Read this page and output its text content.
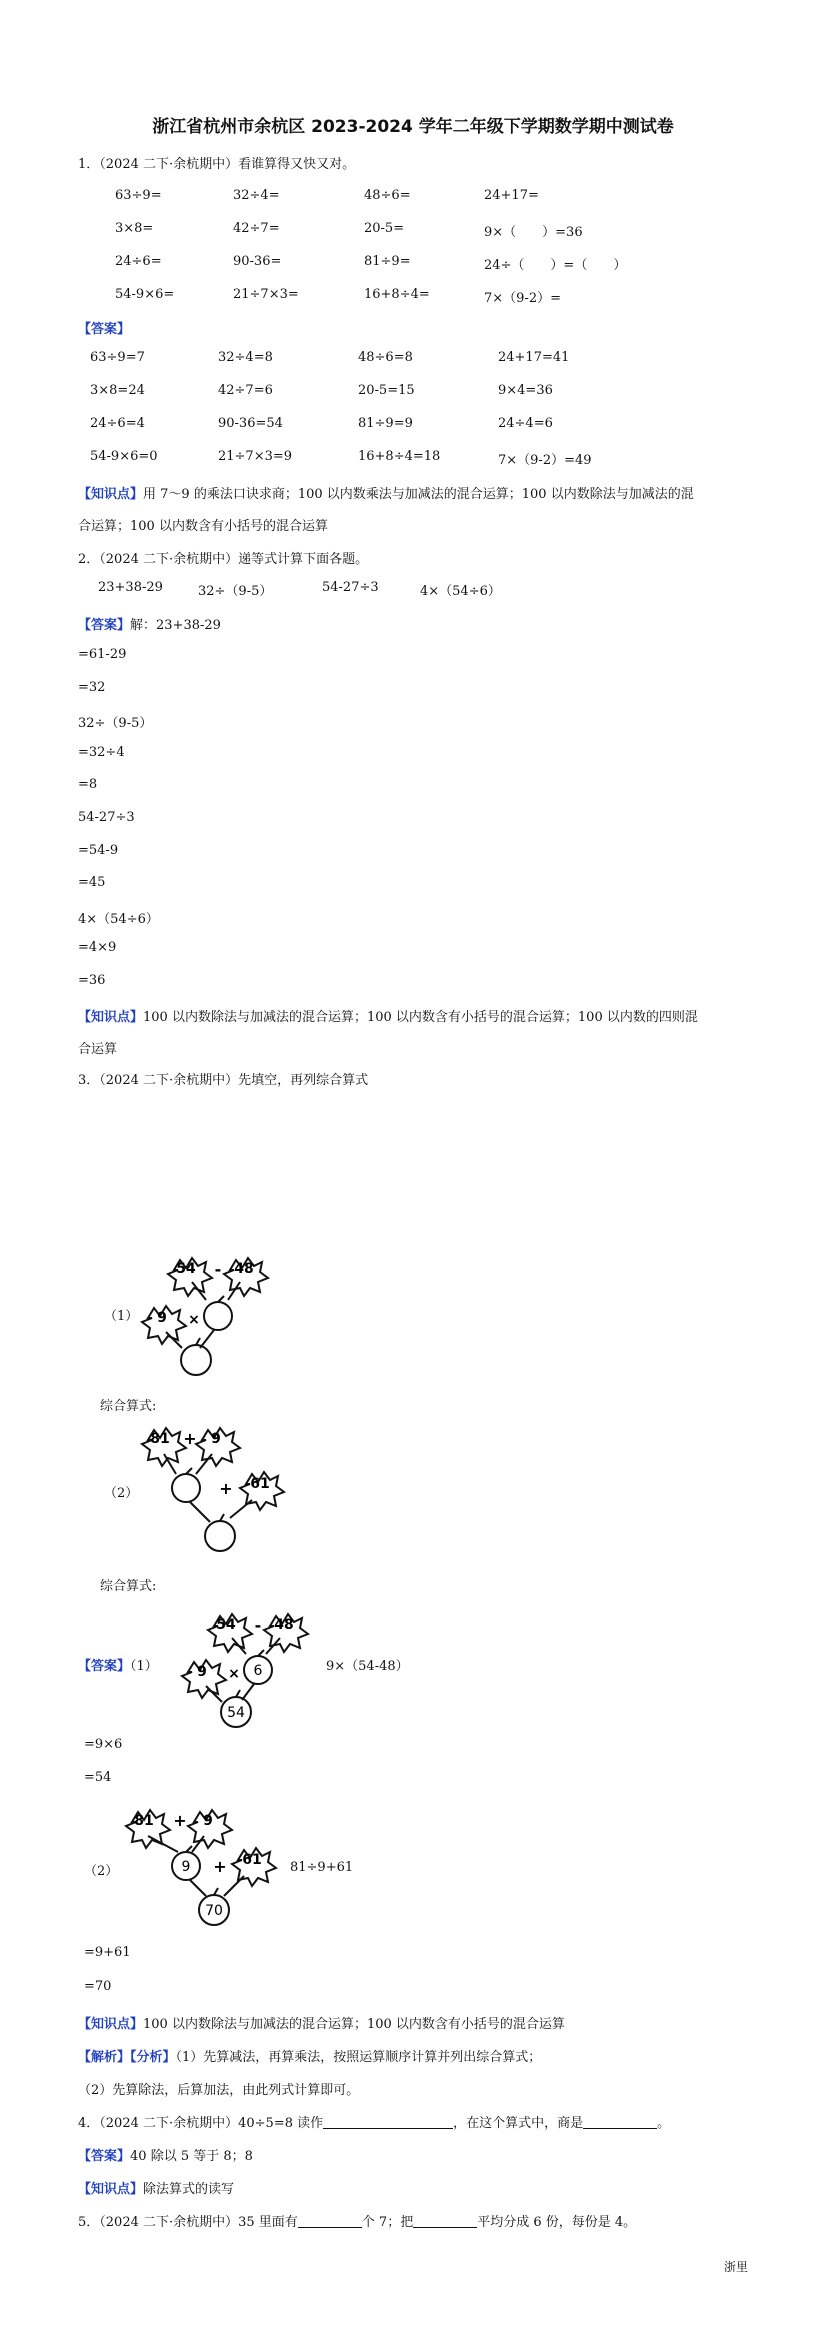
浙江省杭州市余杭区 2023-2024 学年二年级下学期数学期中测试卷
1．（2024 二下·余杭期中）看谁算得又快又对。
63÷9=	32÷4=	48÷6=	24+17=
3×8=	42÷7=	20-5=	9×（　　）=36
24÷6=	90-36=	81÷9=	24÷（　　）=（　　）
54-9×6=	21÷7×3=	16+8÷4=	7×（9-2）=
【答案】
63÷9=7	32÷4=8	48÷6=8	24+17=41
3×8=24	42÷7=6	20-5=15	9×4=36
24÷6=4	90-36=54	81÷9=9	24÷4=6
54-9×6=0	21÷7×3=9	16+8÷4=18	7×（9-2）=49
【知识点】用 7～9 的乘法口诀求商；100 以内数乘法与加减法的混合运算；100 以内数除法与加减法的混
合运算；100 以内数含有小括号的混合运算
2．（2024 二下·余杭期中）递等式计算下面各题。
23+38-29	32÷（9-5）	54-27÷3	4×（54÷6）
【答案】解：23+38-29
=61-29
=32
32÷（9-5）
=32÷4
=8
54-27÷3
=54-9
=45
4×（54÷6）
=4×9
=36
【知识点】100 以内数除法与加减法的混合运算；100 以内数含有小括号的混合运算；100 以内数的四则混
合运算
3．（2024 二下·余杭期中）先填空，再列综合算式
（1）
54 - 48
9 ×
综合算式:
（2）
81 + 9
+ 61
综合算式:
【答案】（1）
54 - 48
9 × 6
54
9×（54-48）
=9×6
=54
（2）
81 + 9
9 + 61
70
81÷9+61
=9+61
=70
【知识点】100 以内数除法与加减法的混合运算；100 以内数含有小括号的混合运算
【解析】【分析】（1）先算减法，再算乘法，按照运算顺序计算并列出综合算式；
（2）先算除法，后算加法，由此列式计算即可。
4．（2024 二下·余杭期中）40÷5=8 读作	，在这个算式中，商是	。
【答案】40 除以 5 等于 8；8
【知识点】除法算式的读写
5．（2024 二下·余杭期中）35 里面有	个 7；把	平均分成 6 份，每份是 4。
浙里
